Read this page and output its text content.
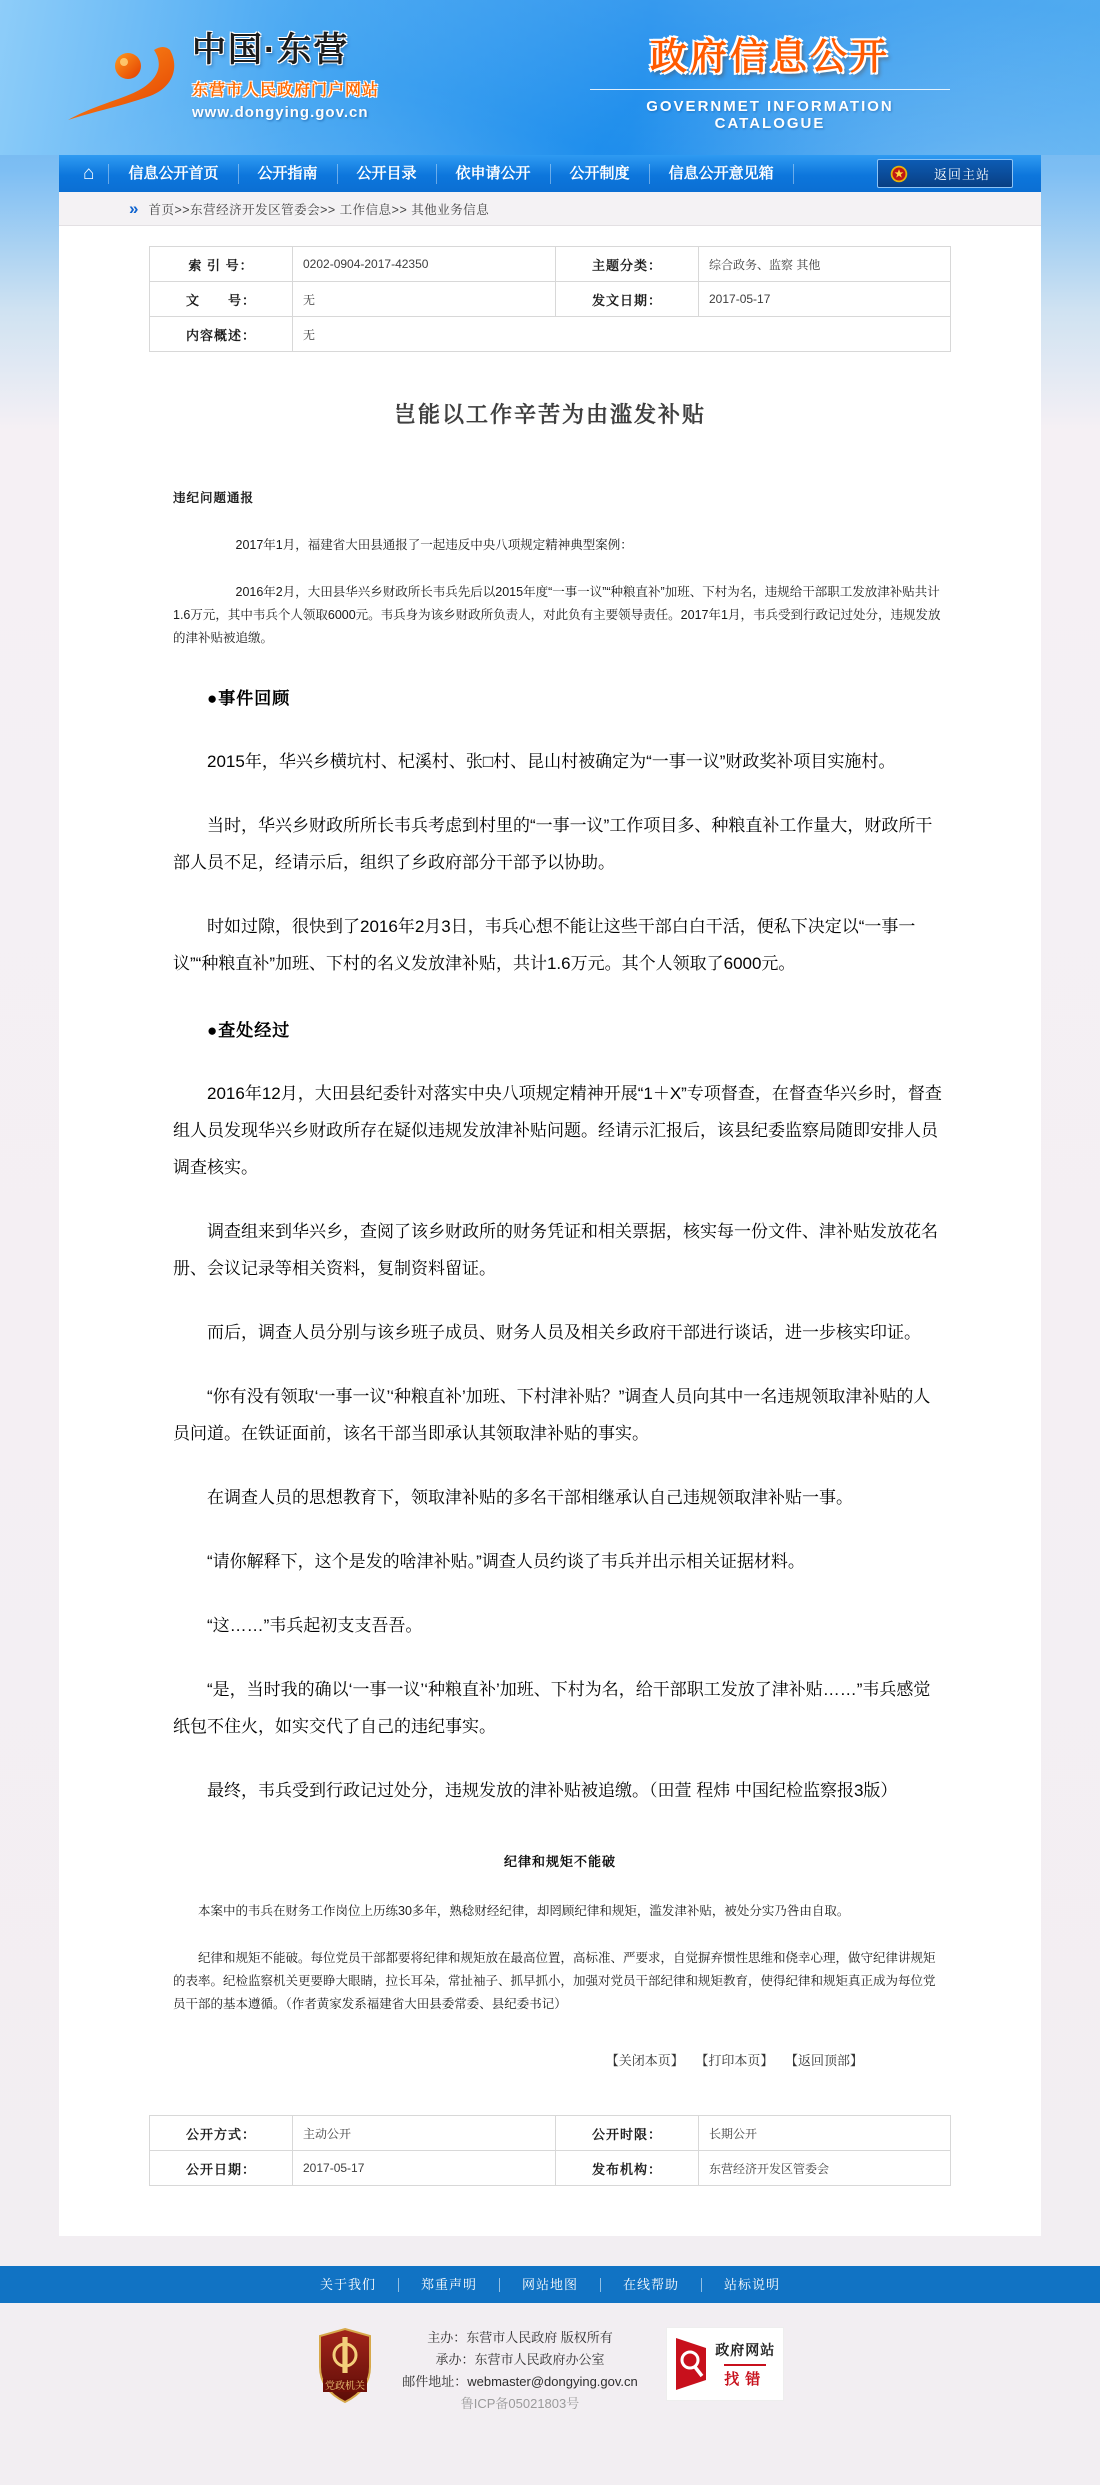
中国·东营
东营市人民政府门户网站
www.dongying.gov.cn
政府信息公开
GOVERNMET INFORMATION CATALOGUE
⌂	信息公开首页	公开指南	公开目录	依申请公开	公开制度	信息公开意见箱	返回主站
» 首页>>东营经济开发区管委会>> 工作信息>> 其他业务信息
索 引 号：	0202-0904-2017-42350	主题分类：	综合政务、监察 其他
文　　号：	无	发文日期：	2017-05-17
内容概述：	无		
岂能以工作辛苦为由滥发补贴
违纪问题通报
2017年1月，福建省大田县通报了一起违反中央八项规定精神典型案例：
2016年2月，大田县华兴乡财政所长韦兵先后以2015年度“一事一议”“种粮直补”加班、下村为名，违规给干部职工发放津补贴共计1.6万元，其中韦兵个人领取6000元。韦兵身为该乡财政所负责人，对此负有主要领导责任。2017年1月，韦兵受到行政记过处分，违规发放的津补贴被追缴。
●事件回顾
2015年，华兴乡横坑村、杞溪村、张□村、昆山村被确定为“一事一议”财政奖补项目实施村。
当时，华兴乡财政所所长韦兵考虑到村里的“一事一议”工作项目多、种粮直补工作量大，财政所干部人员不足，经请示后，组织了乡政府部分干部予以协助。
时如过隙，很快到了2016年2月3日，韦兵心想不能让这些干部白白干活，便私下决定以“一事一议”“种粮直补”加班、下村的名义发放津补贴，共计1.6万元。其个人领取了6000元。
●查处经过
2016年12月，大田县纪委针对落实中央八项规定精神开展“1＋X”专项督查，在督查华兴乡时，督查组人员发现华兴乡财政所存在疑似违规发放津补贴问题。经请示汇报后，该县纪委监察局随即安排人员调查核实。
调查组来到华兴乡，查阅了该乡财政所的财务凭证和相关票据，核实每一份文件、津补贴发放花名册、会议记录等相关资料，复制资料留证。
而后，调查人员分别与该乡班子成员、财务人员及相关乡政府干部进行谈话，进一步核实印证。
“你有没有领取‘一事一议’‘种粮直补’加班、下村津补贴？”调查人员向其中一名违规领取津补贴的人员问道。在铁证面前，该名干部当即承认其领取津补贴的事实。
在调查人员的思想教育下，领取津补贴的多名干部相继承认自己违规领取津补贴一事。
“请你解释下，这个是发的啥津补贴。”调查人员约谈了韦兵并出示相关证据材料。
“这……”韦兵起初支支吾吾。
“是，当时我的确以‘一事一议’‘种粮直补’加班、下村为名，给干部职工发放了津补贴……”韦兵感觉纸包不住火，如实交代了自己的违纪事实。
最终，韦兵受到行政记过处分，违规发放的津补贴被追缴。（田萱 程炜 中国纪检监察报3版）
纪律和规矩不能破
本案中的韦兵在财务工作岗位上历练30多年，熟稔财经纪律，却罔顾纪律和规矩，滥发津补贴，被处分实乃咎由自取。
纪律和规矩不能破。每位党员干部都要将纪律和规矩放在最高位置，高标准、严要求，自觉摒弃惯性思维和侥幸心理，做守纪律讲规矩的表率。纪检监察机关更要睁大眼睛，拉长耳朵，常扯袖子、抓早抓小，加强对党员干部纪律和规矩教育，使得纪律和规矩真正成为每位党员干部的基本遵循。（作者黄家发系福建省大田县委常委、县纪委书记）
【关闭本页】 【打印本页】 【返回顶部】
公开方式：	主动公开	公开时限：	长期公开
公开日期：	2017-05-17	发布机构：	东营经济开发区管委会
关于我们	郑重声明	网站地图	在线帮助	站标说明
党政机关
主办：东营市人民政府 版权所有
承办：东营市人民政府办公室
邮件地址：webmaster@dongying.gov.cn
鲁ICP备05021803号
政府网站
找错
